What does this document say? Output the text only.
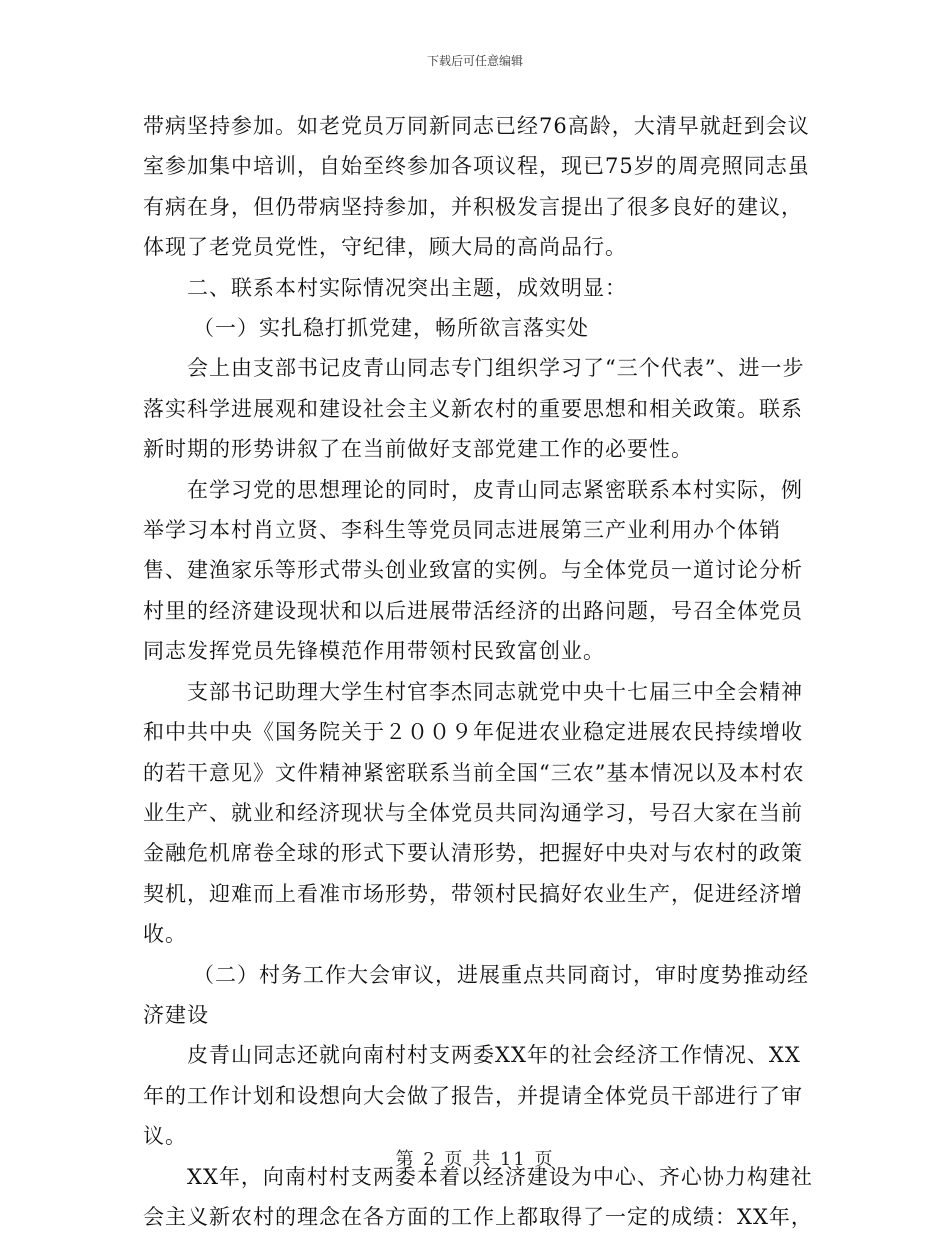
下载后可任意编辑

带病坚持参加。如老党员万同新同志已经76高龄，大清早就赶到会议室参加集中培训，自始至终参加各项议程，现已75岁的周亮照同志虽有病在身，但仍带病坚持参加，并积极发言提出了很多良好的建议，体现了老党员党性，守纪律，顾大局的高尚品行。

二、联系本村实际情况突出主题，成效明显：

（一）实扎稳打抓党建，畅所欲言落实处

会上由支部书记皮青山同志专门组织学习了“三个代表”、进一步落实科学进展观和建设社会主义新农村的重要思想和相关政策。联系新时期的形势讲叙了在当前做好支部党建工作的必要性。

在学习党的思想理论的同时，皮青山同志紧密联系本村实际，例举学习本村肖立贤、李科生等党员同志进展第三产业利用办个体销售、建渔家乐等形式带头创业致富的实例。与全体党员一道讨论分析村里的经济建设现状和以后进展带活经济的出路问题，号召全体党员同志发挥党员先锋模范作用带领村民致富创业。

支部书记助理大学生村官李杰同志就党中央十七届三中全会精神和中共中央《国务院关于２００９年促进农业稳定进展农民持续增收的若干意见》文件精神紧密联系当前全国“三农”基本情况以及本村农业生产、就业和经济现状与全体党员共同沟通学习，号召大家在当前金融危机席卷全球的形式下要认清形势，把握好中央对与农村的政策契机，迎难而上看准市场形势，带领村民搞好农业生产，促进经济增收。

（二）村务工作大会审议，进展重点共同商讨，审时度势推动经济建设

皮青山同志还就向南村村支两委XX年的社会经济工作情况、XX年的工作计划和设想向大会做了报告，并提请全体党员干部进行了审议。

XX年，向南村村支两委本着以经济建设为中心、齐心协力构建社会主义新农村的理念在各方面的工作上都取得了一定的成绩：XX年，

第 2 页 共 11 页
